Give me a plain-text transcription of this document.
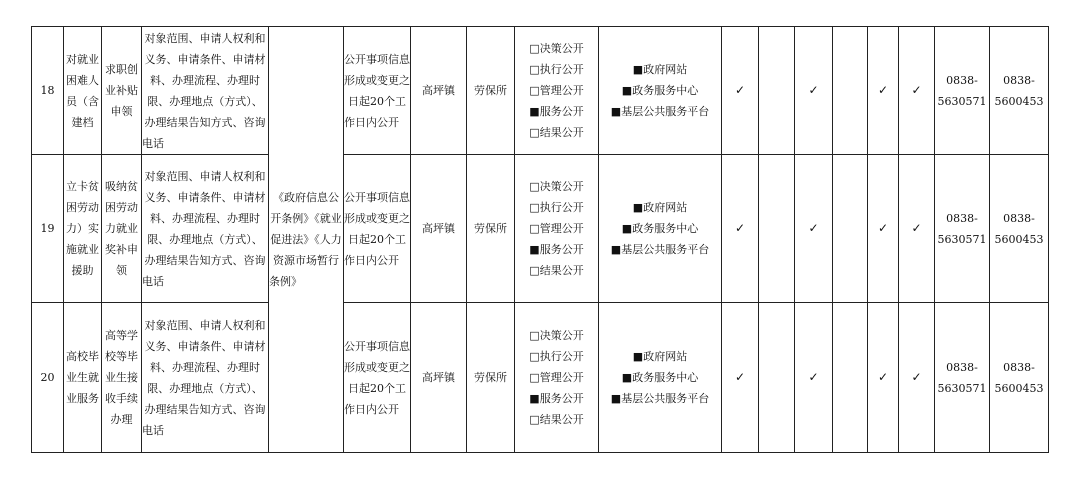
18	对就业困难人员（含建档	求职创业补贴申领	对象范围、申请人权利和义务、申请条件、申请材料、办理流程、办理时限、办理地点（方式）、办理结果告知方式、咨询电话	《政府信息公开条例》《就业促进法》《人力资源市场暂行条例》	公开事项信息形成或变更之日起20个工作日内公开	高坪镇	劳保所	□决策公开
□执行公开
□管理公开
■服务公开
□结果公开	■政府网站
■政务服务中心
■基层公共服务平台	✓		✓		✓	✓	0838-5630571	0838-5600453
19	立卡贫困劳动力）实施就业援助	吸纳贫困劳动力就业奖补申领	对象范围、申请人权利和义务、申请条件、申请材料、办理流程、办理时限、办理地点（方式）、办理结果告知方式、咨询电话		公开事项信息形成或变更之日起20个工作日内公开	高坪镇	劳保所	□决策公开
□执行公开
□管理公开
■服务公开
□结果公开	■政府网站
■政务服务中心
■基层公共服务平台	✓		✓		✓	✓	0838-5630571	0838-5600453
20	高校毕业生就业服务	高等学校等毕业生接收手续办理	对象范围、申请人权利和义务、申请条件、申请材料、办理流程、办理时限、办理地点（方式）、办理结果告知方式、咨询电话		公开事项信息形成或变更之日起20个工作日内公开	高坪镇	劳保所	□决策公开
□执行公开
□管理公开
■服务公开
□结果公开	■政府网站
■政务服务中心
■基层公共服务平台	✓		✓		✓	✓	0838-5630571	0838-5600453
